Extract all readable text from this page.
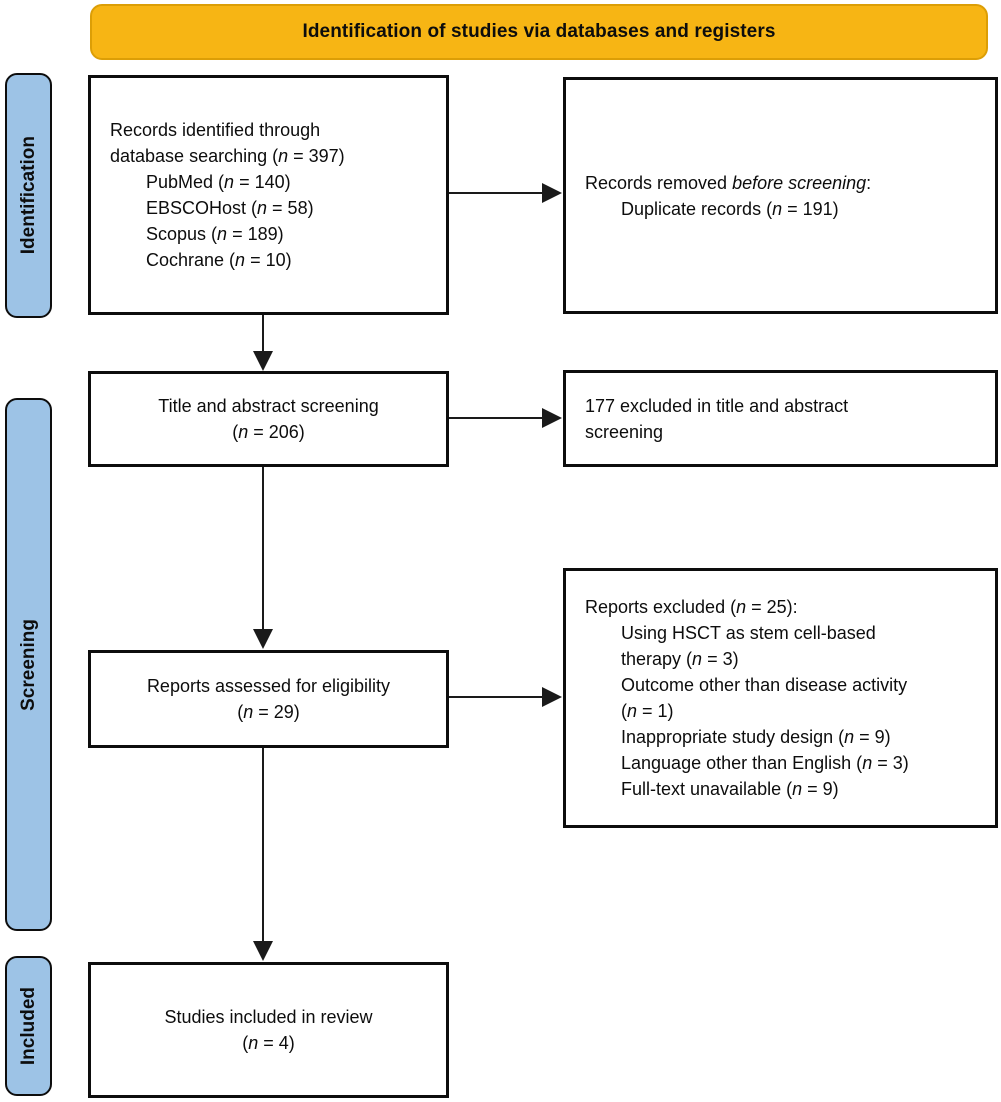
Identification of studies via databases and registers
Identification
Screening
Included
Records identified through
database searching (n = 397)
PubMed (n = 140)
EBSCOHost (n = 58)
Scopus (n = 189)
Cochrane (n = 10)
Records removed before screening:
Duplicate records (n = 191)
Title and abstract screening
(n = 206)
177 excluded in title and abstract
screening
Reports excluded (n = 25):
Using HSCT as stem cell-based
therapy (n = 3)
Outcome other than disease activity
(n = 1)
Inappropriate study design (n = 9)
Language other than English (n = 3)
Full-text unavailable (n = 9)
Reports assessed for eligibility
(n = 29)
Studies included in review
(n = 4)
